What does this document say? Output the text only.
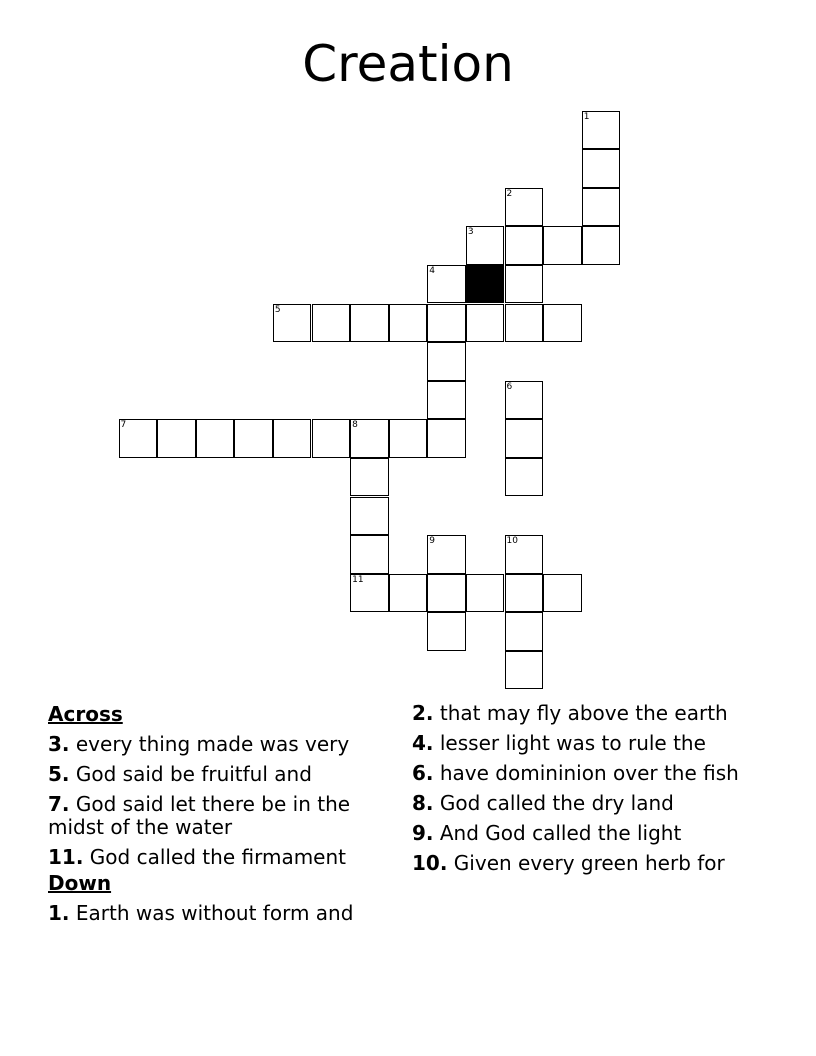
Creation
1
2
3
4
5
6
7	8
9	10
11
Across
3. every thing made was very
5. God said be fruitful and
7. God said let there be in the midst of the water
11. God called the firmament
Down
1. Earth was without form and
2. that may fly above the earth
4. lesser light was to rule the
6. have domininion over the fish
8. God called the dry land
9. And God called the light
10. Given every green herb for
